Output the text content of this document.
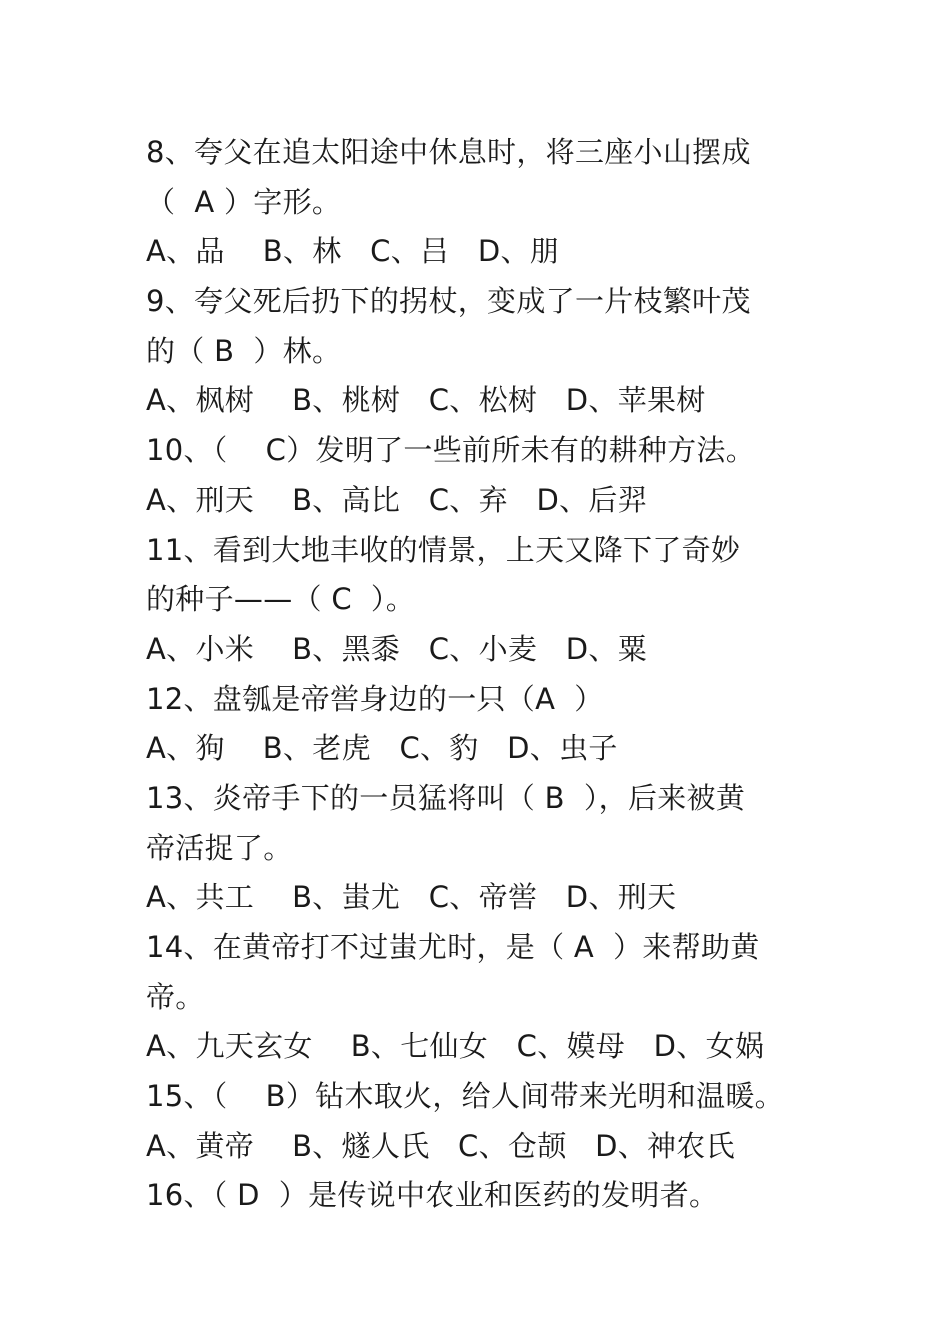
8、夸父在追太阳途中休息时，将三座小山摆成
（  A ）字形。
A、品    B、林   C、吕   D、朋
9、夸父死后扔下的拐杖，变成了一片枝繁叶茂
的（ B  ）林。
A、枫树    B、桃树   C、松树   D、苹果树
10、（    C）发明了一些前所未有的耕种方法。
A、刑天    B、高比   C、弃   D、后羿
11、看到大地丰收的情景，上天又降下了奇妙
的种子——（ C  ）。
A、小米    B、黑黍   C、小麦   D、粟
12、盘瓠是帝喾身边的一只（A  ）
A、狗    B、老虎   C、豹   D、虫子
13、炎帝手下的一员猛将叫（ B  ），后来被黄
帝活捉了。
A、共工    B、蚩尤   C、帝喾   D、刑天
14、在黄帝打不过蚩尤时，是（ A  ）来帮助黄
帝。
A、九天玄女    B、七仙女   C、嫫母   D、女娲
15、（    B）钻木取火，给人间带来光明和温暖。
A、黄帝    B、燧人氏   C、仓颉   D、神农氏
16、（ D  ）是传说中农业和医药的发明者。
